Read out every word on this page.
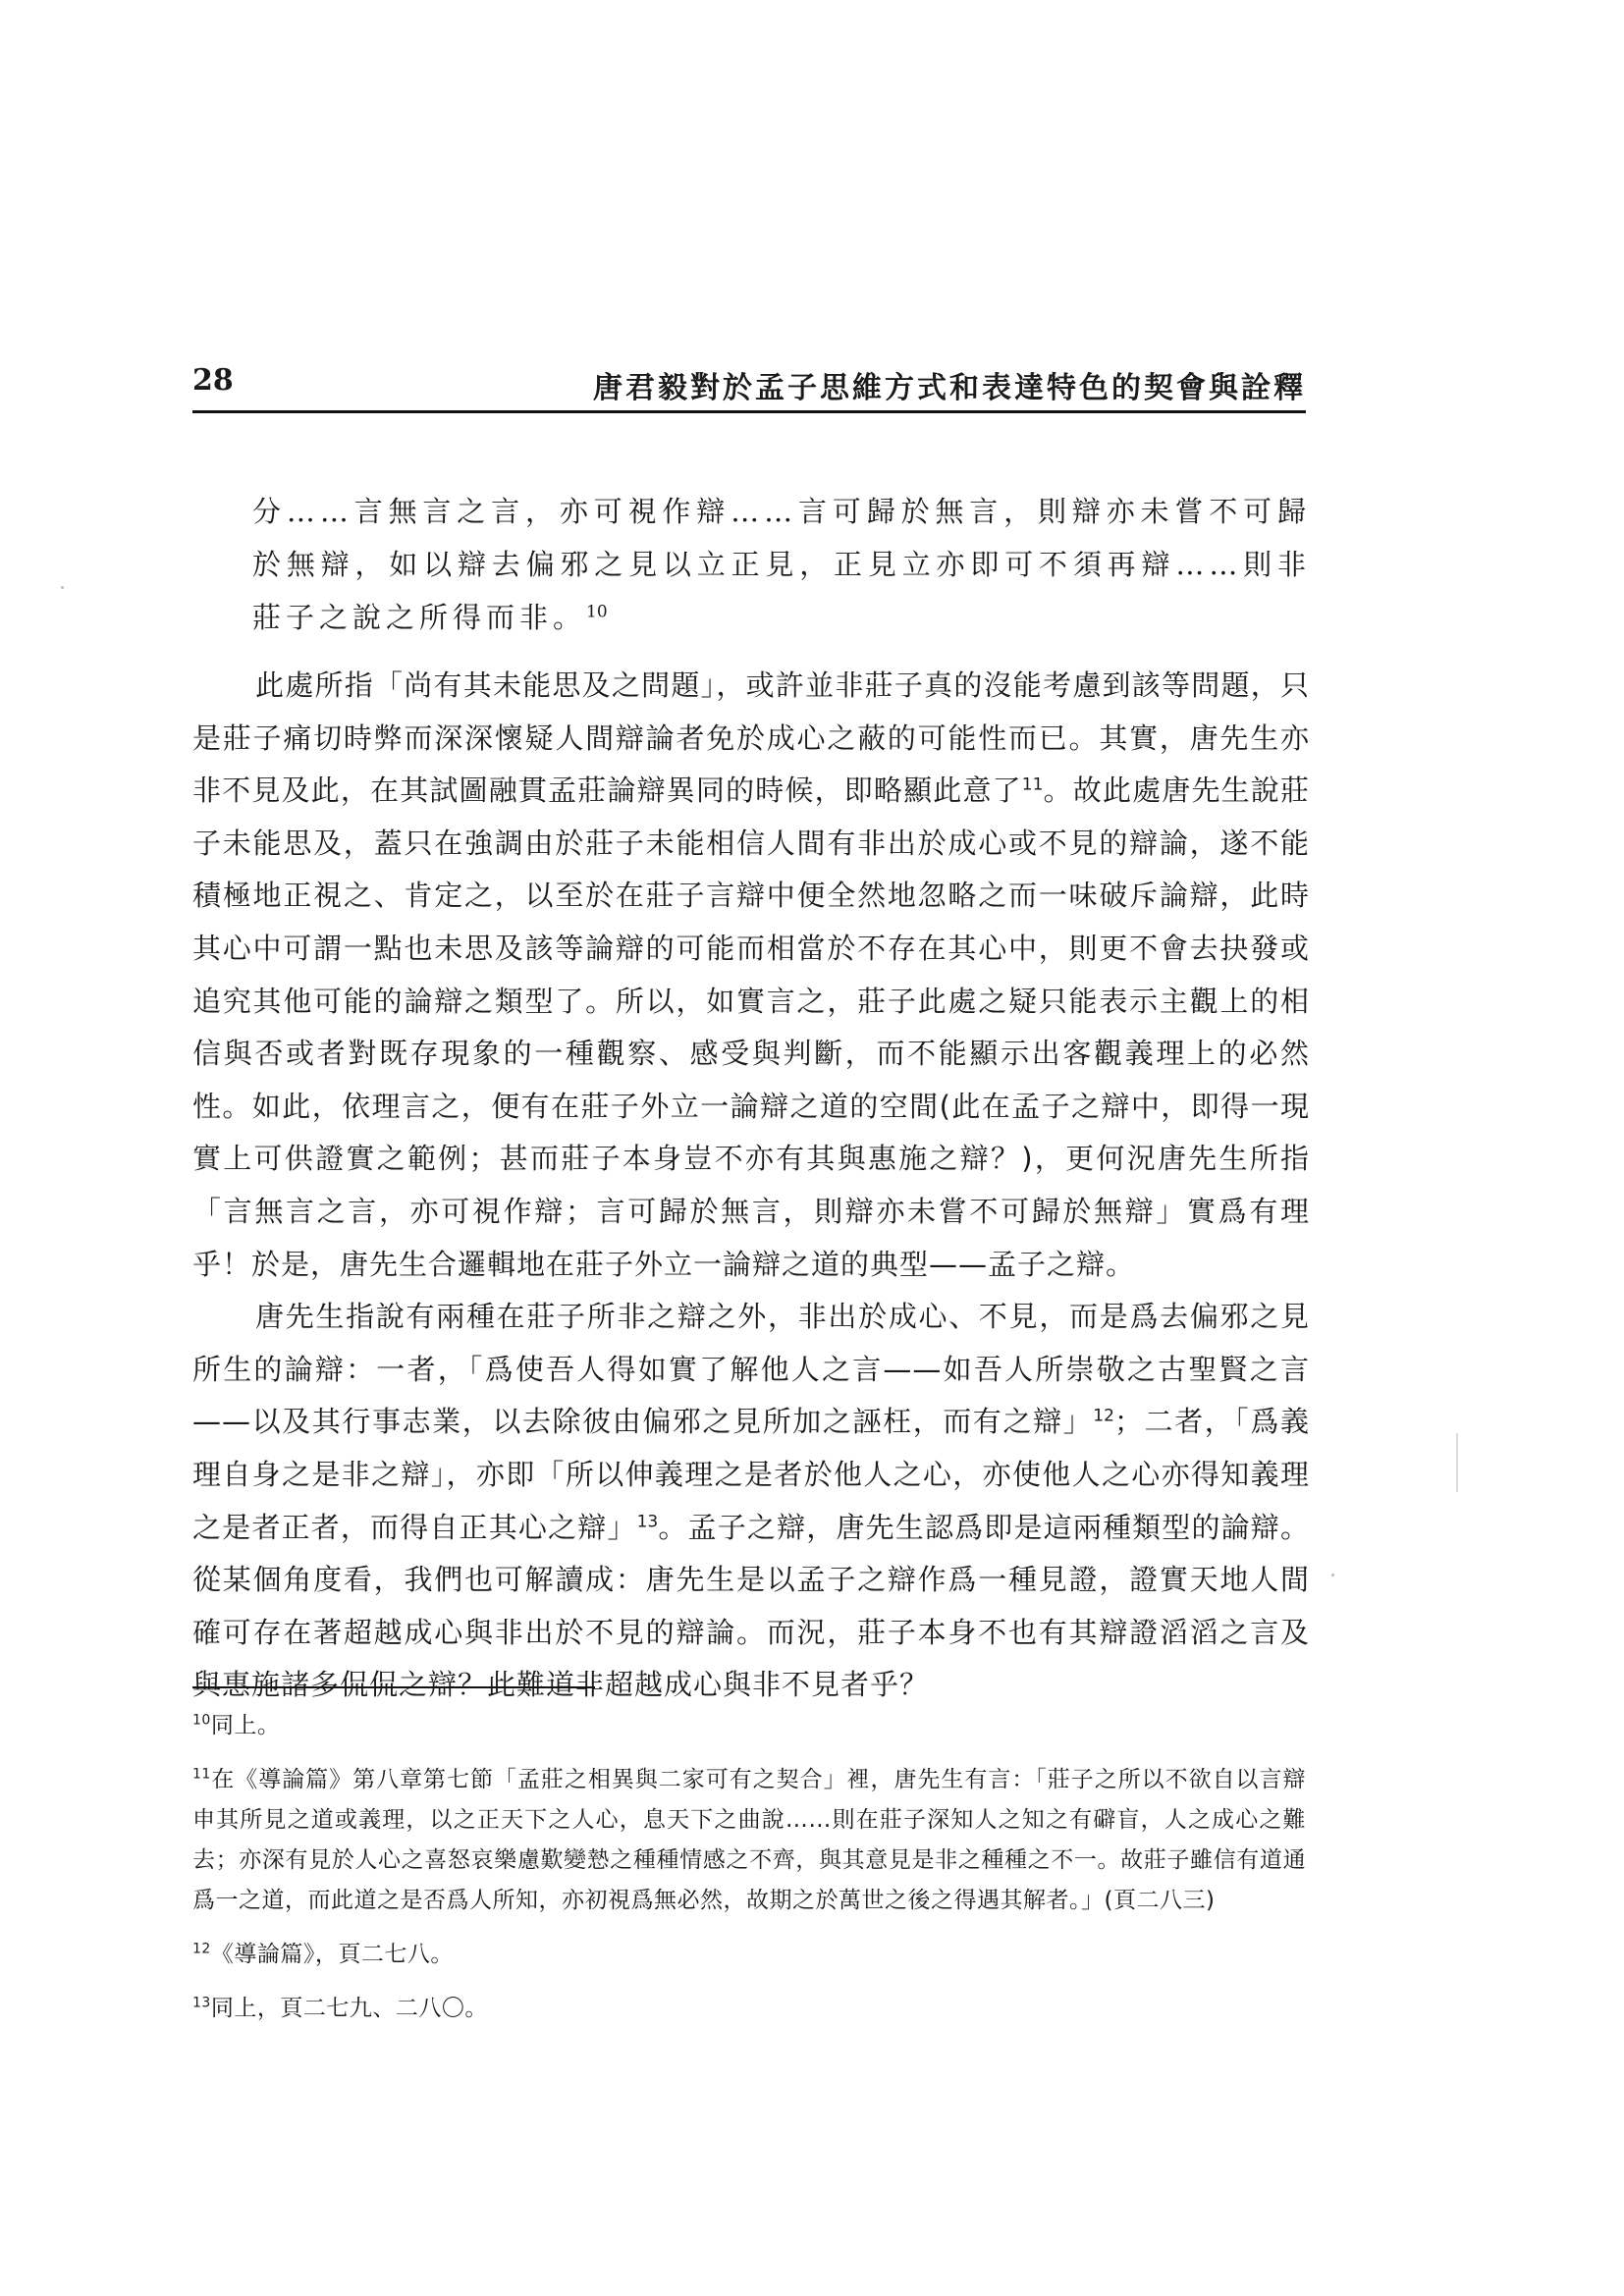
28	唐君毅對於孟子思維方式和表達特色的契會與詮釋
分……言無言之言，亦可視作辯……言可歸於無言，則辯亦未嘗不可歸於無辯，如以辯去偏邪之見以立正見，正見立亦即可不須再辯……則非莊子之說之所得而非。$^{10}$

此處所指「尚有其未能思及之問題」，或許並非莊子真的沒能考慮到該等問題，只是莊子痛切時弊而深深懷疑人間辯論者免於成心之蔽的可能性而已。其實，唐先生亦非不見及此，在其試圖融貫孟莊論辯異同的時候，即略顯此意了$^{11}$。故此處唐先生說莊子未能思及，蓋只在強調由於莊子未能相信人間有非出於成心或不見的辯論，遂不能積極地正視之、肯定之，以至於在莊子言辯中便全然地忽略之而一味破斥論辯，此時其心中可謂一點也未思及該等論辯的可能而相當於不存在其心中，則更不會去抉發或追究其他可能的論辯之類型了。所以，如實言之，莊子此處之疑只能表示主觀上的相信與否或者對既存現象的一種觀察、感受與判斷，而不能顯示出客觀義理上的必然性。如此，依理言之，便有在莊子外立一論辯之道的空間(此在孟子之辯中，即得一現實上可供證實之範例；甚而莊子本身豈不亦有其與惠施之辯？)，更何況唐先生所指「言無言之言，亦可視作辯；言可歸於無言，則辯亦未嘗不可歸於無辯」實爲有理乎！於是，唐先生合邏輯地在莊子外立一論辯之道的典型——孟子之辯。

唐先生指說有兩種在莊子所非之辯之外，非出於成心、不見，而是爲去偏邪之見所生的論辯：一者，「爲使吾人得如實了解他人之言——如吾人所崇敬之古聖賢之言——以及其行事志業，以去除彼由偏邪之見所加之誣枉，而有之辯」$^{12}$；二者，「爲義理自身之是非之辯」，亦即「所以伸義理之是者於他人之心，亦使他人之心亦得知義理之是者正者，而得自正其心之辯」$^{13}$。孟子之辯，唐先生認爲即是這兩種類型的論辯。從某個角度看，我們也可解讀成：唐先生是以孟子之辯作爲一種見證，證實天地人間確可存在著超越成心與非出於不見的辯論。而況，莊子本身不也有其辯證滔滔之言及與惠施諸多侃侃之辯？此難道非超越成心與非不見者乎？

$^{10}$同上。

$^{11}$在《導論篇》第八章第七節「孟莊之相異與二家可有之契合」裡，唐先生有言：「莊子之所以不欲自以言辯申其所見之道或義理，以之正天下之人心，息天下之曲說……則在莊子深知人之知之有礔盲，人之成心之難去；亦深有見於人心之喜怒哀樂慮歎變慹之種種情感之不齊，與其意見是非之種種之不一。故莊子雖信有道通爲一之道，而此道之是否爲人所知，亦初視爲無必然，故期之於萬世之後之得遇其解者。」(頁二八三)

$^{12}$《導論篇》，頁二七八。

$^{13}$同上，頁二七九、二八〇。
